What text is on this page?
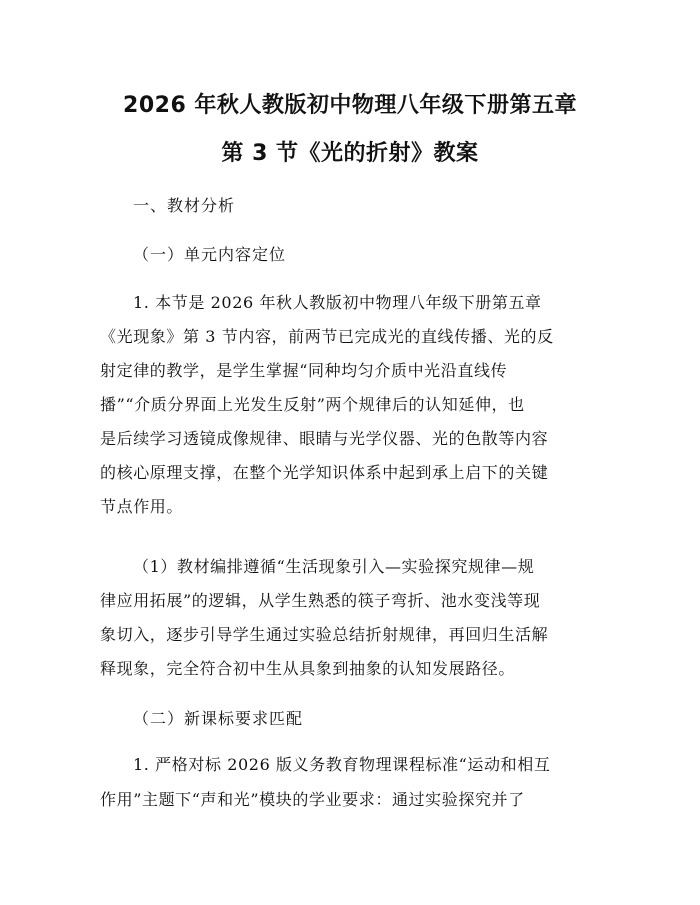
2026 年秋人教版初中物理八年级下册第五章
第 3 节《光的折射》教案
一、教材分析
（一）单元内容定位
1. 本节是 2026 年秋人教版初中物理八年级下册第五章
《光现象》第 3 节内容，前两节已完成光的直线传播、光的反
射定律的教学，是学生掌握“同种均匀介质中光沿直线传
播”“介质分界面上光发生反射”两个规律后的认知延伸，也
是后续学习透镜成像规律、眼睛与光学仪器、光的色散等内容
的核心原理支撑，在整个光学知识体系中起到承上启下的关键
节点作用。
（1）教材编排遵循“生活现象引入—实验探究规律—规
律应用拓展”的逻辑，从学生熟悉的筷子弯折、池水变浅等现
象切入，逐步引导学生通过实验总结折射规律，再回归生活解
释现象，完全符合初中生从具象到抽象的认知发展路径。
（二）新课标要求匹配
1. 严格对标 2026 版义务教育物理课程标准“运动和相互
作用”主题下“声和光”模块的学业要求：通过实验探究并了
